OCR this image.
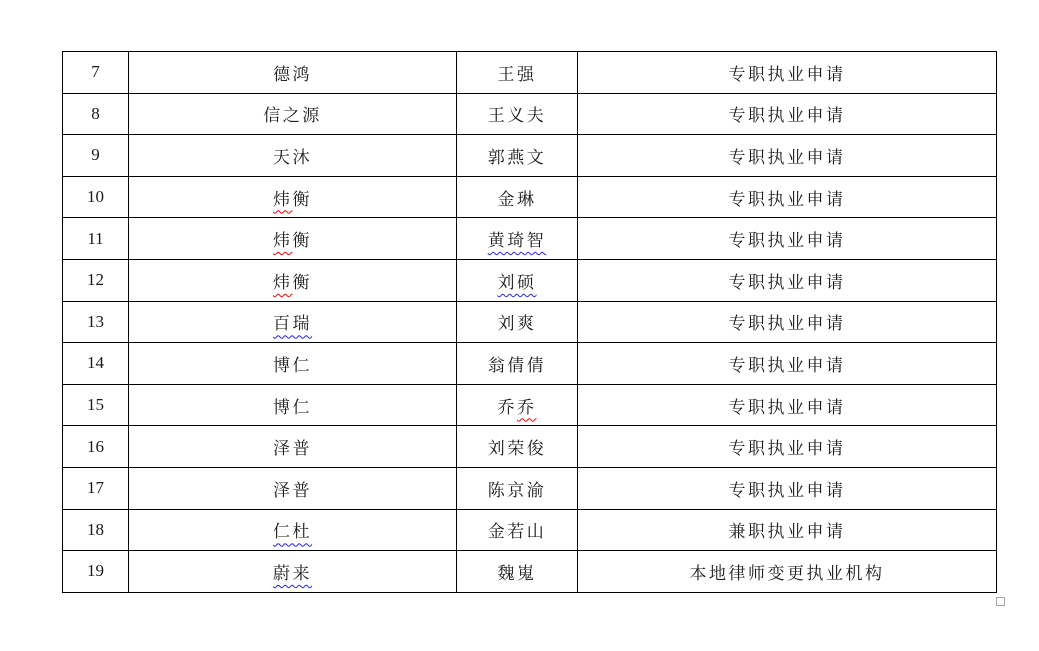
7	德鸿	王强	专职执业申请
8	信之源	王义夫	专职执业申请
9	天沐	郭燕文	专职执业申请
10	炜衡	金琳	专职执业申请
11	炜衡	黄琦智	专职执业申请
12	炜衡	刘硕	专职执业申请
13	百瑞	刘爽	专职执业申请
14	博仁	翁倩倩	专职执业申请
15	博仁	乔乔	专职执业申请
16	泽普	刘荣俊	专职执业申请
17	泽普	陈京渝	专职执业申请
18	仁杜	金若山	兼职执业申请
19	蔚来	魏嵬	本地律师变更执业机构
